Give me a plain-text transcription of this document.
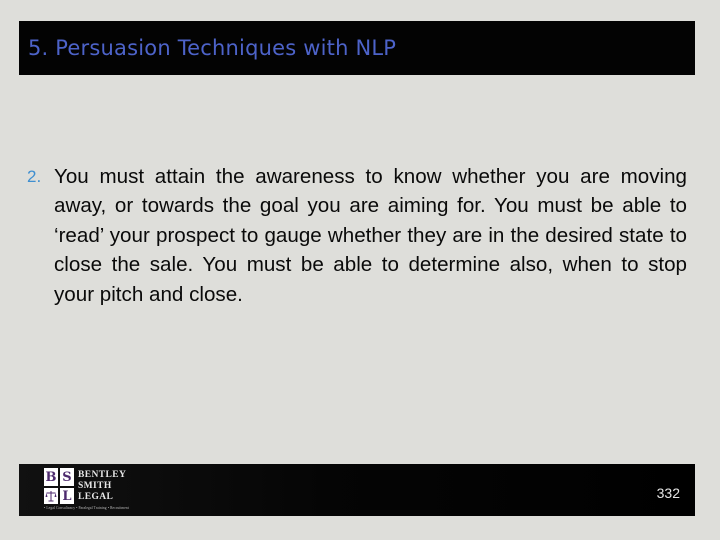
5. Persuasion Techniques with NLP
2. You must attain the awareness to know whether you are moving away, or towards the goal you are aiming for. You must be able to ‘read’ your prospect to gauge whether they are in the desired state to close the sale. You must be able to determine also, when to stop your pitch and close.
B S
L
BENTLEY
SMITH
LEGAL
• Legal Consultancy • Paralegal Training • Recruitment
332
